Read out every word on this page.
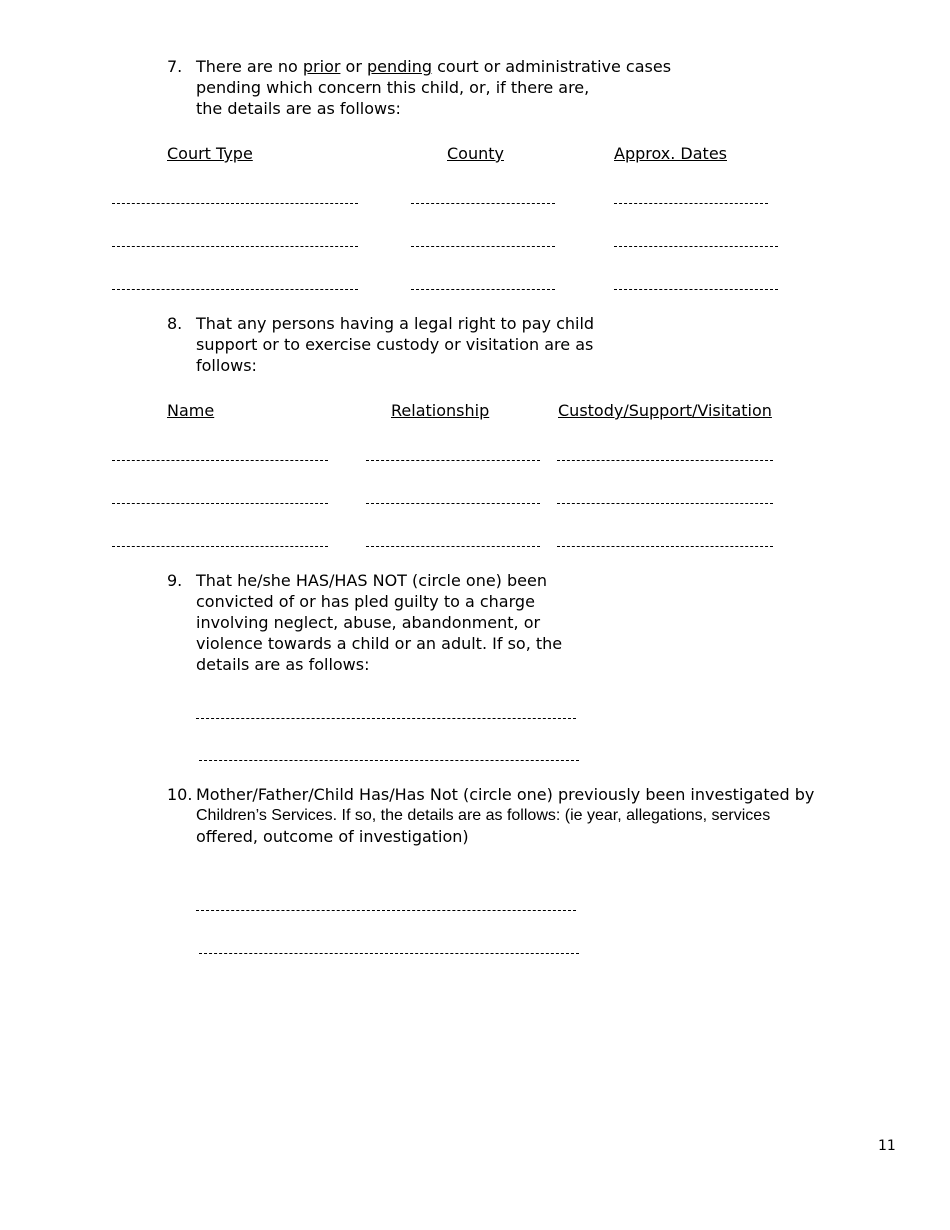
7. There are no prior or pending court or administrative cases
pending which concern this child, or, if there are,
the details are as follows:
Court Type	County	Approx. Dates
8. That any persons having a legal right to pay child
support or to exercise custody or visitation are as
follows:
Name	Relationship	Custody/Support/Visitation
9. That he/she HAS/HAS NOT (circle one) been
convicted of or has pled guilty to a charge
involving neglect, abuse, abandonment, or
violence towards a child or an adult. If so, the
details are as follows:
10. Mother/Father/Child Has/Has Not (circle one) previously been investigated by
Children’s Services. If so, the details are as follows: (ie year, allegations, services
offered, outcome of investigation)
11
